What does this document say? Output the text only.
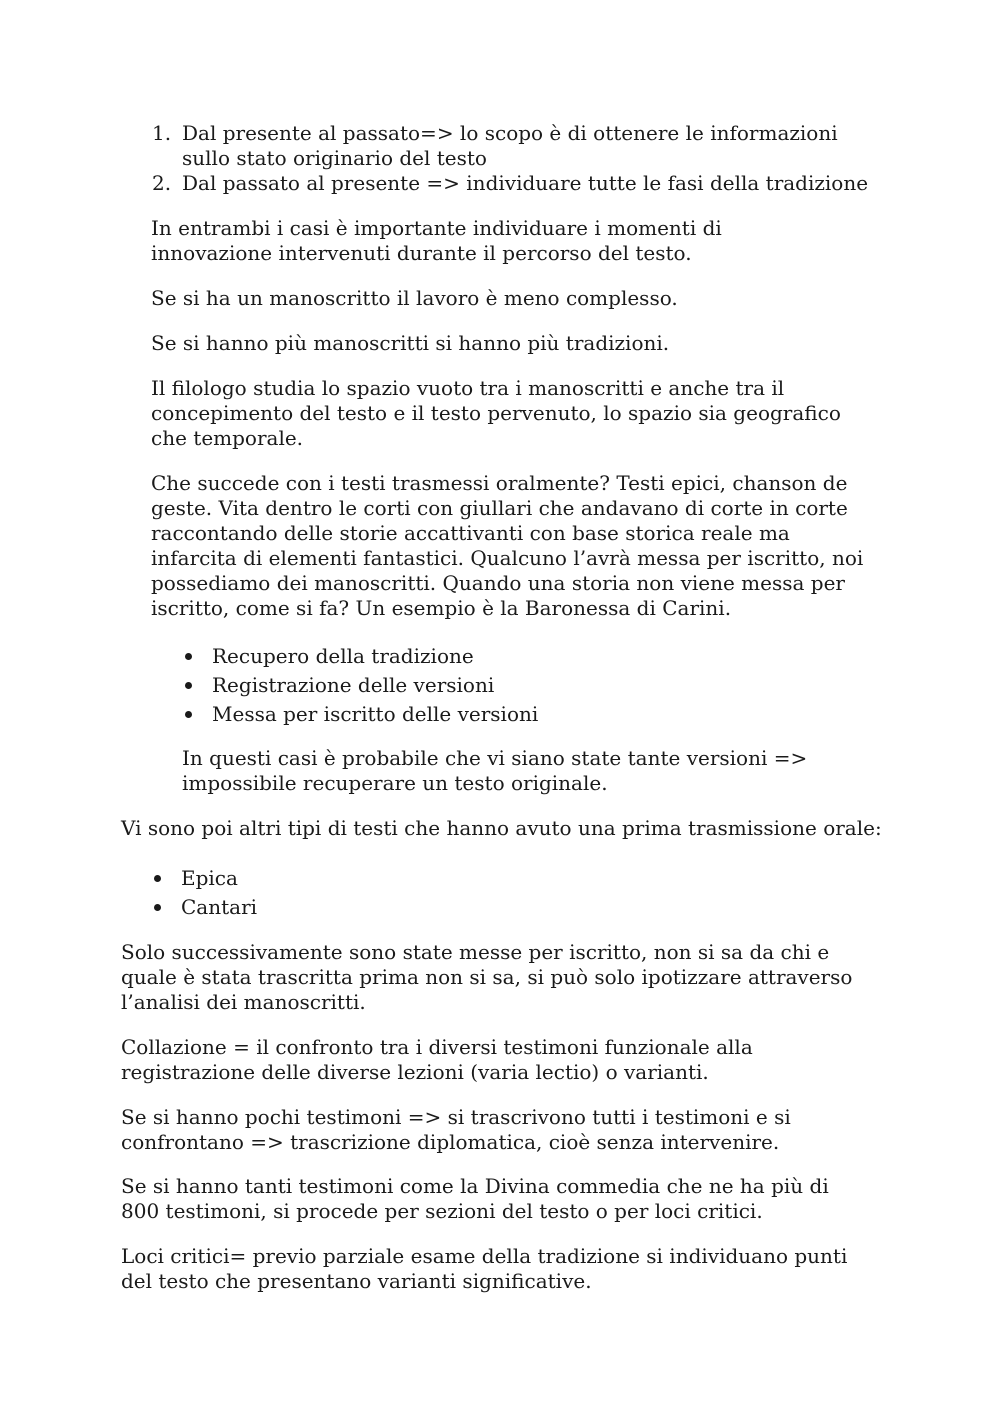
1. Dal presente al passato=> lo scopo è di ottenere le informazioni sullo stato originario del testo
2. Dal passato al presente => individuare tutte le fasi della tradizione

In entrambi i casi è importante individuare i momenti di innovazione intervenuti durante il percorso del testo.

Se si ha un manoscritto il lavoro è meno complesso.

Se si hanno più manoscritti si hanno più tradizioni.

Il filologo studia lo spazio vuoto tra i manoscritti e anche tra il concepimento del testo e il testo pervenuto, lo spazio sia geografico che temporale.

Che succede con i testi trasmessi oralmente? Testi epici, chanson de geste. Vita dentro le corti con giullari che andavano di corte in corte raccontando delle storie accattivanti con base storica reale ma infarcita di elementi fantastici. Qualcuno l’avrà messa per iscritto, noi possediamo dei manoscritti. Quando una storia non viene messa per iscritto, come si fa? Un esempio è la Baronessa di Carini.

Recupero della tradizione
Registrazione delle versioni
Messa per iscritto delle versioni

In questi casi è probabile che vi siano state tante versioni => impossibile recuperare un testo originale.

Vi sono poi altri tipi di testi che hanno avuto una prima trasmissione orale:

Epica
Cantari

Solo successivamente sono state messe per iscritto, non si sa da chi e quale è stata trascritta prima non si sa, si può solo ipotizzare attraverso l’analisi dei manoscritti.

Collazione = il confronto tra i diversi testimoni funzionale alla registrazione delle diverse lezioni (varia lectio) o varianti.

Se si hanno pochi testimoni => si trascrivono tutti i testimoni e si confrontano => trascrizione diplomatica, cioè senza intervenire.

Se si hanno tanti testimoni come la Divina commedia che ne ha più di 800 testimoni, si procede per sezioni del testo o per loci critici.

Loci critici= previo parziale esame della tradizione si individuano punti del testo che presentano varianti significative.
